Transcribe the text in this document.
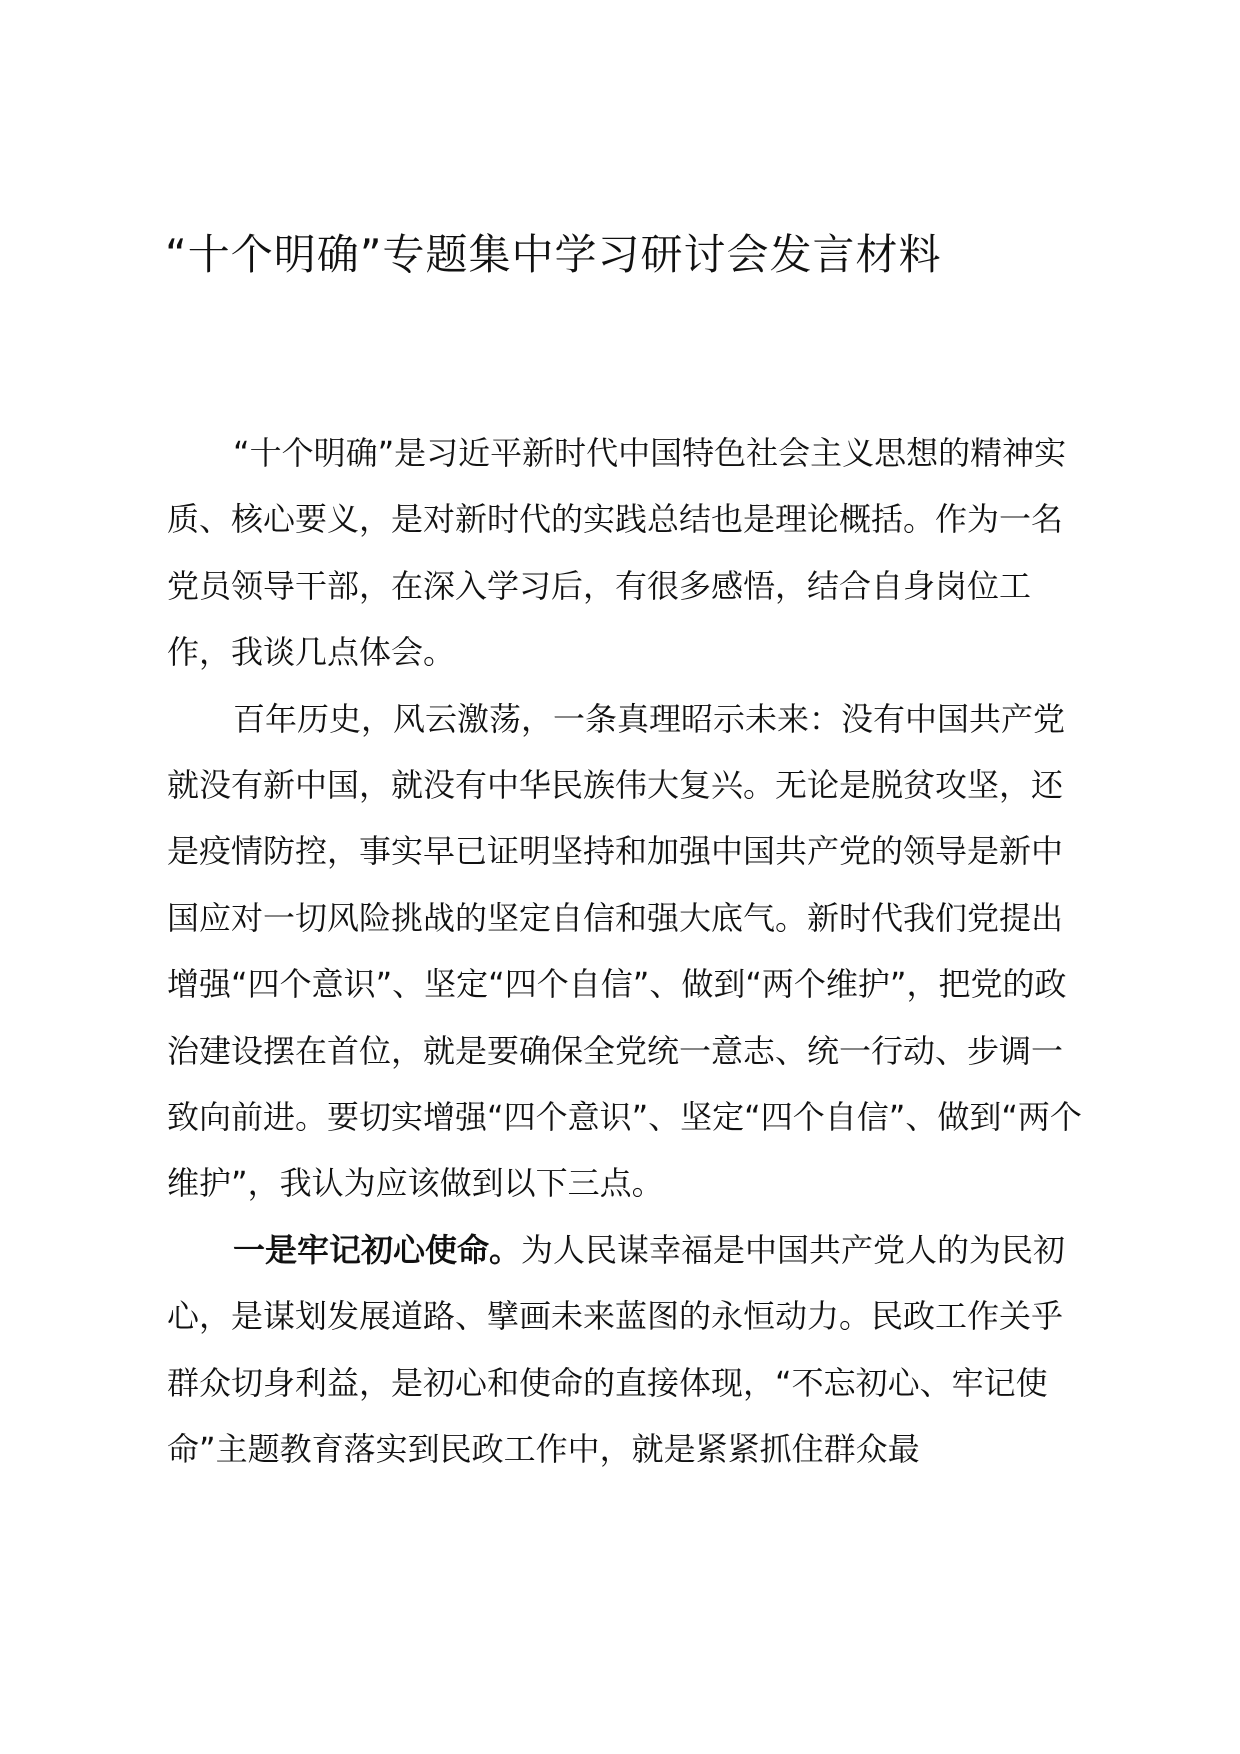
“十个明确”专题集中学习研讨会发言材料

“十个明确”是习近平新时代中国特色社会主义思想的精神实质、核心要义，是对新时代的实践总结也是理论概括。作为一名党员领导干部，在深入学习后，有很多感悟，结合自身岗位工作，我谈几点体会。

百年历史，风云激荡，一条真理昭示未来：没有中国共产党就没有新中国，就没有中华民族伟大复兴。无论是脱贫攻坚，还是疫情防控，事实早已证明坚持和加强中国共产党的领导是新中国应对一切风险挑战的坚定自信和强大底气。新时代我们党提出增强“四个意识”、坚定“四个自信”、做到“两个维护”，把党的政治建设摆在首位，就是要确保全党统一意志、统一行动、步调一致向前进。要切实增强“四个意识”、坚定“四个自信”、做到“两个维护”，我认为应该做到以下三点。

一是牢记初心使命。为人民谋幸福是中国共产党人的为民初心，是谋划发展道路、擘画未来蓝图的永恒动力。民政工作关乎群众切身利益，是初心和使命的直接体现，“不忘初心、牢记使命”主题教育落实到民政工作中，就是紧紧抓住群众最
